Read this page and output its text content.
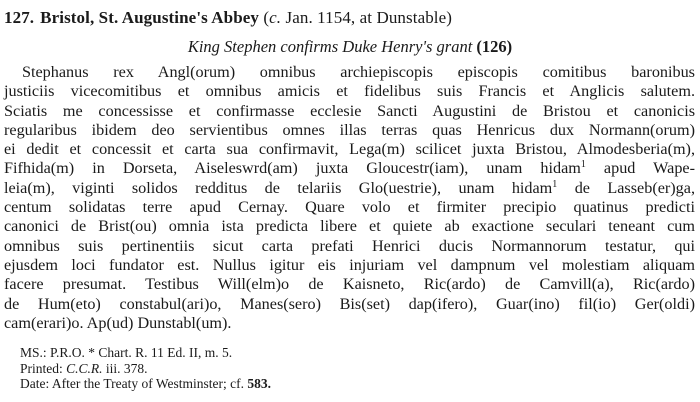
127. Bristol, St. Augustine's Abbey (c. Jan. 1154, at Dunstable)
King Stephen confirms Duke Henry's grant (126)
Stephanus rex Angl(orum) omnibus archiepiscopis episcopis comitibus baronibus
justiciis vicecomitibus et omnibus amicis et fidelibus suis Francis et Anglicis salutem.
Sciatis me concessisse et confirmasse ecclesie Sancti Augustini de Bristou et canonicis
regularibus ibidem deo servientibus omnes illas terras quas Henricus dux Normann(orum)
ei dedit et concessit et carta sua confirmavit, Lega(m) scilicet juxta Bristou, Almodesberia(m),
Fifhida(m) in Dorseta, Aiseleswrd(am) juxta Gloucestr(iam), unam hidam$^1$ apud Wape-
leia(m), viginti solidos redditus de telariis Glo(uestrie), unam hidam$^1$ de Lasseb(er)ga,
centum solidatas terre apud Cernay. Quare volo et firmiter precipio quatinus predicti
canonici de Brist(ou) omnia ista predicta libere et quiete ab exactione seculari teneant cum
omnibus suis pertinentiis sicut carta prefati Henrici ducis Normannorum testatur, qui
ejusdem loci fundator est. Nullus igitur eis injuriam vel dampnum vel molestiam aliquam
facere presumat. Testibus Will(elm)o de Kaisneto, Ric(ardo) de Camvill(a), Ric(ardo)
de Hum(eto) constabul(ari)o, Manes(sero) Bis(set) dap(ifero), Guar(ino) fil(io) Ger(oldi)
cam(erari)o. Ap(ud) Dunstabl(um).
MS.: P.R.O. * Chart. R. 11 Ed. II, m. 5.
Printed: C.C.R. iii. 378.
Date: After the Treaty of Westminster; cf. 583.
